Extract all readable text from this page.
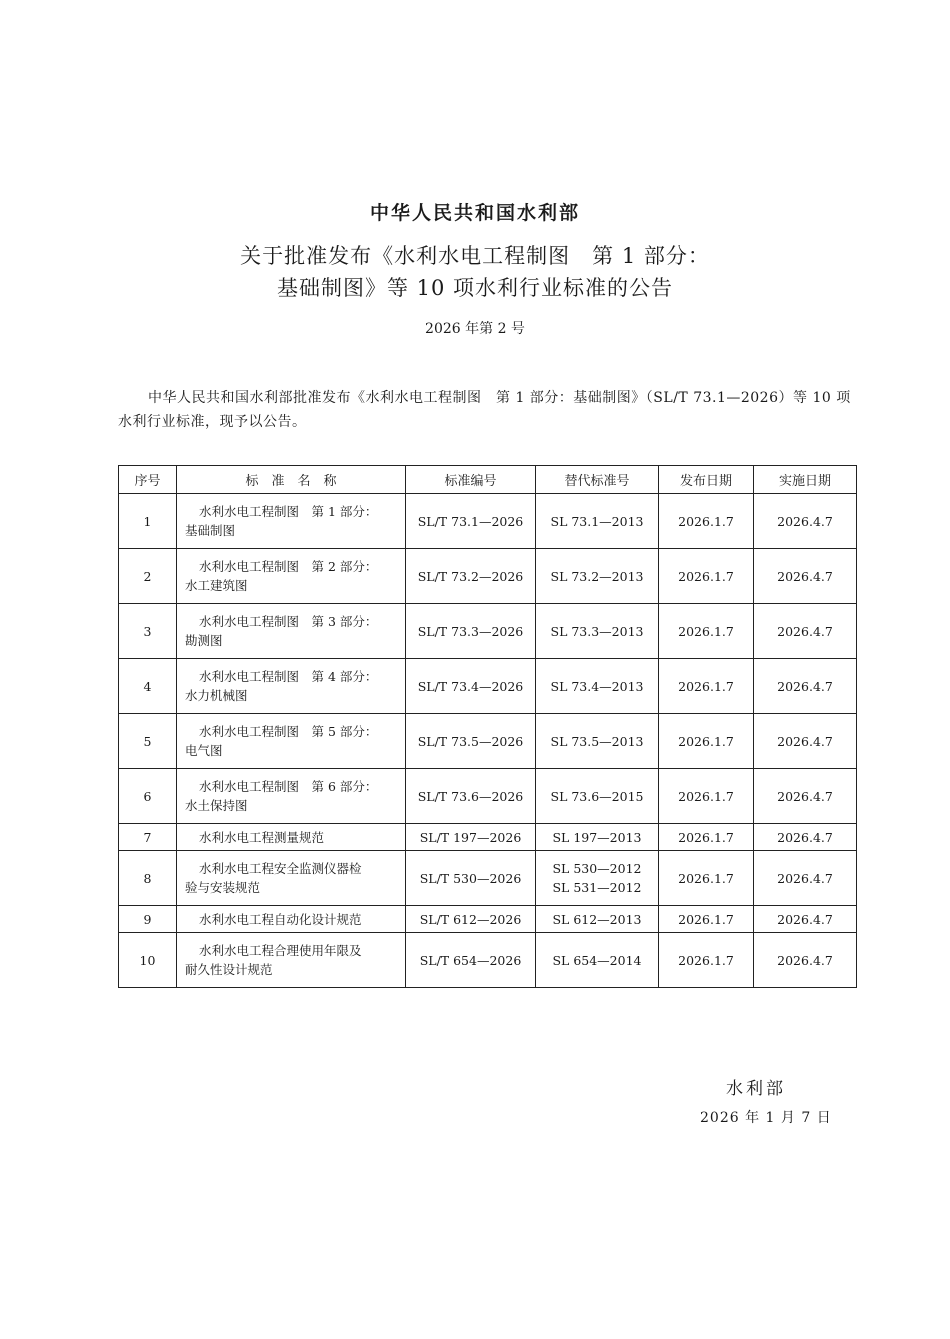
中华人民共和国水利部
关于批准发布《水利水电工程制图　第 1 部分：
基础制图》等 10 项水利行业标准的公告
2026 年第 2 号
中华人民共和国水利部批准发布《水利水电工程制图　第 1 部分：基础制图》（SL/T 73.1—2026）等 10 项水利行业标准，现予以公告。
序号	标　准　名　称	标准编号	替代标准号	发布日期	实施日期
1	水利水电工程制图　第 1 部分：
基础制图	SL/T 73.1—2026	SL 73.1—2013	2026.1.7	2026.4.7
2	水利水电工程制图　第 2 部分：
水工建筑图	SL/T 73.2—2026	SL 73.2—2013	2026.1.7	2026.4.7
3	水利水电工程制图　第 3 部分：
勘测图	SL/T 73.3—2026	SL 73.3—2013	2026.1.7	2026.4.7
4	水利水电工程制图　第 4 部分：
水力机械图	SL/T 73.4—2026	SL 73.4—2013	2026.1.7	2026.4.7
5	水利水电工程制图　第 5 部分：
电气图	SL/T 73.5—2026	SL 73.5—2013	2026.1.7	2026.4.7
6	水利水电工程制图　第 6 部分：
水土保持图	SL/T 73.6—2026	SL 73.6—2015	2026.1.7	2026.4.7
7	水利水电工程测量规范	SL/T 197—2026	SL 197—2013	2026.1.7	2026.4.7
8	水利水电工程安全监测仪器检
验与安装规范	SL/T 530—2026	SL 530—2012
SL 531—2012	2026.1.7	2026.4.7
9	水利水电工程自动化设计规范	SL/T 612—2026	SL 612—2013	2026.1.7	2026.4.7
10	水利水电工程合理使用年限及
耐久性设计规范	SL/T 654—2026	SL 654—2014	2026.1.7	2026.4.7
水利部
2026 年 1 月 7 日
